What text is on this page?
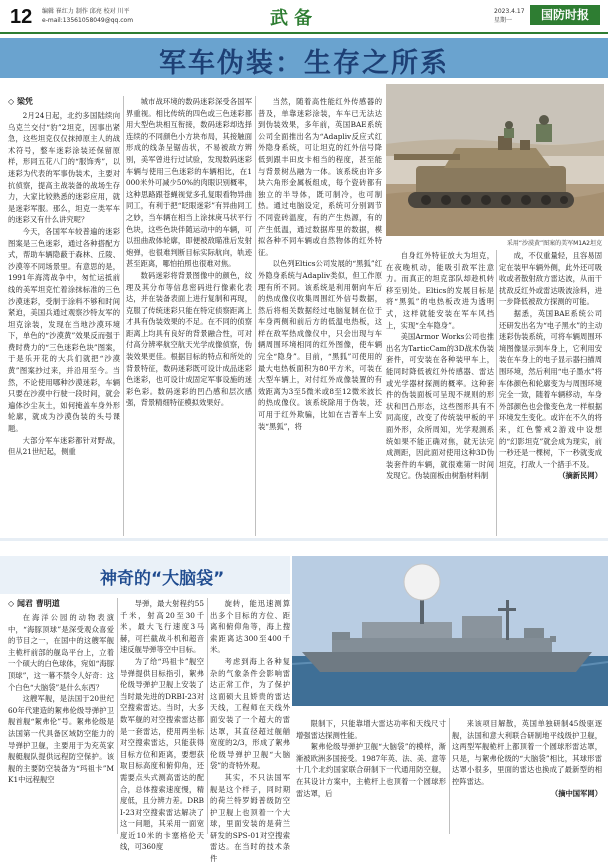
12 编辑 崔红力 制作 邱亮 校对 川平
e-mail:13561058049@qq.com	武备	2023.4.17
星期一	国防时报
军车伪装：生存之所系
◇ 梁凭

2月24日起，北约多国陆续向乌克兰交付“豹”2坦克，因事出紧急，这些坦克仅仅抹掉原主人的战术符号，整车迷彩涂装还保留原样，形同五花八门的“服饰秀”，以迷彩为代表的军事伪装术，主要对抗侦察，提高主战装备的战场生存力，大家比较熟悉的迷彩应用，就是迷彩军服。那么，坦克一类军车的迷彩又有什么讲究呢？

今天，各国军车较普遍的迷彩图案是三色迷彩，通过各种搭配方式，帮助车辆隐蔽于森林、丘陵、沙漠等不同场景里。有意思的是，1991年海湾战争中，匆忙运抵前线的美军坦克忙着涂抹标准的三色沙漠迷彩，受制于涂料不够和时间紧迫，美国兵通过观察沙特友军的坦克涂装，发现在当地沙漠环境下，单色的“沙漠黄”效果反而强于费时费力的“三色迷彩色块”图案，于是乐开花的大兵们就把“沙漠黄”图案抄过来，并沿用至今。当然，不论使用哪种沙漠迷彩，车辆只要在沙漠中行驶一段时间，就会遍体沙尘灰土，如何掩盖车身外形轮廓，就成为沙漠伪装的头号课题。

大部分军车迷彩都针对野战，但从21世纪起，侧重

城市战环境的数码迷彩深受各国军界重视。相比传统的四色或三色迷彩都用大型色块相互衔接，数码迷彩却选择连续的不同颜色小方块布局，其接触面形成的线条呈锯齿状，不易被敌方辨别，美军曾进行过试验，发现数码迷彩车辆与使用三色迷彩的车辆相比，在1000米外可减少50%的肉眼识别概率，这种思路跟苍蝇视觉多孔复眼看物异曲同工，有利于把“眨眼迷彩”有异曲同工之妙，当车辆在相当上涂抹庚马状平行色块，这些色块伴随运动中的车辆，可以扭曲敌体轮廓，即便被敌瞄准后发射炮弹，也很难判断目标实际航向，轨迹甚至距离，哪怕拍照也很难对焦。

数码迷彩将背景图像中的颜色，纹理及其分布等信息密码进行像素化表达，并在装备表面上进行复制和再现，克服了传统迷彩只能在特定侦察距离上才具有伪装效果的不足。在不同的侦察距离上均具有良好的背景融合性，可对付高分辨率航空航天光学成像侦察，伪装效果更佳。根据目标的特点和所处的背景特征，数码迷彩既可设计成品迷彩色迷彩，也可设计成固定军事设施的迷彩色彩。数码迷彩的凹凸感和层次感强，背景精细特征模拟效果好。

当然，随着高性能红外传感器的普及，单靠迷彩涂装，车车已无法达到伪装效果，多年前，英国BAE系统公司全面推出名为“Adapliv反应式红外隐身系统，可让坦克的红外信号降低到跟丰田皮卡相当的程度，甚至能与背景树丛融为一体。该系统由许多块六角形金属板组成，每个瓷砖都有独立的半导体，既可制冷，也可制热。通过电脑设定，系统可分别调节不同瓷砖温度，有的产生热源，有的产生低温，通过数据库里的数据，模拟各种不同车辆或自然物体的红外特征。

以色列Eltics公司发展的“黑狐”红外隐身系统与Adapliv类似，但工作原理有所不同。该系统是利用朝向车后的热成像仪收集周围红外信号数据，然后将相关数据经过电脑复制在位于车身两侧和前后方的低温电热板，这样在敌军热成像仪中，只会出现与车辆周围环境相同的红外图像，使车辆完全“隐身”。目前，“黑狐”可使用的最大电热板面积为80平方米，可装在大型车辆上，对付红外成像装置的有效距离为3至5微米或8至12微米波长的热成像仪。该系统除用于伪装，还可用于红外欺骗，比如在吉普车上安装“黑狐”，将

采用“沙漠黄”图案的美军M1A2坦克

自身红外特征放大为坦克，在夜晚机动，能吸引敌军注意力。而真正的坦克部队却趁机转移至别处。Eltics的发展目标是将“黑狐”的电热板改进为透明式，这样就能安装在军车风挡上，实现“全车隐身”。

美国Armor Works公司也推出名为TarticCam的3D战术伪装套件，可安装在各种装甲车上，能同时降低被红外传感器、雷达或光学器材探测的概率。这种套件的伪装面板可呈现不规则的形状和凹凸形态，这些图形具有不同高度，改变了传统装甲板的平面外形，众所周知，光学观测系统如果不能正确对焦，就无法完成测距，因此面对使用这种3D伪装套件的车辆，就很难第一时间发现它。伪装面板由树脂材料制

成，不仅重量轻，且容易固定在装甲车辆外侧，此外还可吸收或者散射敌方雷达波，从而干扰敌反红外或雷达吸波涂料，进一步降低被敌方探测的可能。

据悉，英国BAE系统公司还研发出名为“电子黑水”的主动迷彩伪装系统，可将车辆周围环境图像显示到车身上，它利用安装在车身上的电子显示器扫描周围环境，然后利用“电子墨水”将车体颜色和轮廓变为与周围环境完全一致，随着车辆移动，车身外部颜色也会像变色龙一样根据环境发生变化。或许在不久的将来，红色警戒2游戏中设想的“幻影坦克”就会成为现实，前一秒还是一棵树，下一秒就变成坦克，打敌人一个措手不及。

（摘新民网）
神奇的“大脑袋”
◇ 闻君 曹明道

在海洋公园的动物表演中，“海豚顶球”是深受观众喜爱的节目之一，在国中的这艘军舰主桅杆前部的舰岛平台上，立着一个硕大的白色球体，宛如“海豚顶球”，这一幕不禁令人好奇：这个白色“大脑袋”是什么东西？

这艘军舰，是法国于20世纪60年代建造的絮弗伦级导弹护卫舰首舰“絮弗伦”号。絮弗伦级是法国第一代具备区域防空能力的导弹护卫舰，主要用于为充英家舰艇舰队提供远程防空保护。该舰的主要防空装备为“玛祖卡”MK1中远程舰空

导弹，最大射程约55千米，射高20至30千米，最大飞行速度3马赫，可拦截战斗机和超音速反舰导弹等空中目标。

为了给“玛祖卡”舰空导弹提供目标指引，絮弗伦级导弹护卫舰上安装了当时最先进的DRBI-23对空搜索雷达。当时，大多数军舰的对空搜索雷达都是一套雷达，使用两坐标对空搜索雷达，只能获得目标方位和距离，要想获取目标高度和俯仰角，还需要点头式测高雷达的配合，总体搜索速度慢，精度低，且分辨力差。DRBI-23对空搜索雷达解决了这一问题，其采用一面宽度近10米的卡塞格伦天线，可360度

旋转，能迅速测算出多个目标的方位、距离和俯仰角等，海上搜索距离达300至400千米。

考虑到海上各种复杂的气象条件会影响雷达正常工作，为了保护这面硕大且娇贵的雷达天线，工程师在天线外面安装了一个超大的雷达罩，其直径超过舰艏宽度的2/3，形成了絮弗伦级导弹护卫舰“大脑袋”的奇特外观。

其实，不只法国军舰是这个样子，同时期的荷兰特罗姆普级防空护卫舰上也顶着一个大球，里面安装的是荷兰研发的SPS-01对空搜索雷达。在当时的技术条件

限制下，只能靠增大雷达功率和天线尺寸增强雷达探测性能。

絮弗伦级导弹护卫舰“大脑袋”的模样，渐渐被欧洲多国接受。1987年英、法、美、意等十几个北约国家联合研制下一代通用防空舰，在其设计方案中，主桅杆上也顶着一个圆球形雷达罩，后

来该项目解散，英国单独研制45级驱逐舰，法国和意大利联合研制地平线级护卫舰，这两型军舰桅杆上都顶着一个圆球形雷达罩，只是，与絮弗伦级的“大脑袋”相比，其球形雷达罩小很多，里面的雷达也换成了最新型的相控阵雷达。

（摘中国军网）
